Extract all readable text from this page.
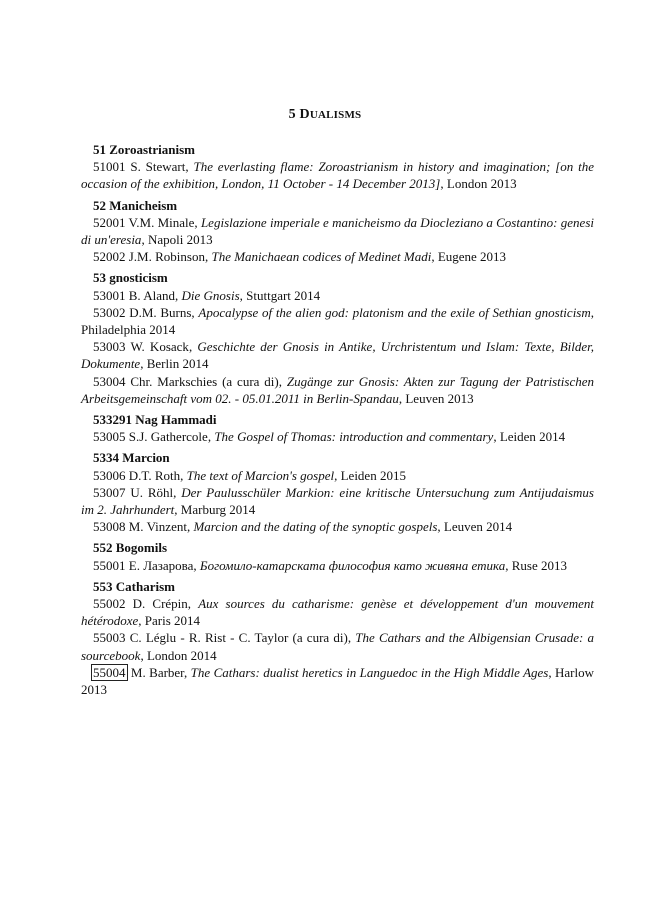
5 DUALISMS
51 Zoroastrianism
51001 S. Stewart, The everlasting flame: Zoroastrianism in history and imagination; [on the occasion of the exhibition, London, 11 October - 14 December 2013], London 2013
52 Manicheism
52001 V.M. Minale, Legislazione imperiale e manicheismo da Diocleziano a Costantino: genesi di un'eresia, Napoli 2013
52002 J.M. Robinson, The Manichaean codices of Medinet Madi, Eugene 2013
53 gnosticism
53001 B. Aland, Die Gnosis, Stuttgart 2014
53002 D.M. Burns, Apocalypse of the alien god: platonism and the exile of Sethian gnosticism, Philadelphia 2014
53003 W. Kosack, Geschichte der Gnosis in Antike, Urchristentum und Islam: Texte, Bilder, Dokumente, Berlin 2014
53004 Chr. Markschies (a cura di), Zugänge zur Gnosis: Akten zur Tagung der Patristischen Arbeitsgemeinschaft vom 02. - 05.01.2011 in Berlin-Spandau, Leuven 2013
533291 Nag Hammadi
53005 S.J. Gathercole, The Gospel of Thomas: introduction and commentary, Leiden 2014
5334 Marcion
53006 D.T. Roth, The text of Marcion's gospel, Leiden 2015
53007 U. Röhl, Der Paulusschüler Markion: eine kritische Untersuchung zum Antijudaismus im 2. Jahrhundert, Marburg 2014
53008 M. Vinzent, Marcion and the dating of the synoptic gospels, Leuven 2014
552 Bogomils
55001 Е. Лазарова, Богомило-катарската философия като живяна етика, Ruse 2013
553 Catharism
55002 D. Crépin, Aux sources du catharisme: genèse et développement d'un mouvement hétérodoxe, Paris 2014
55003 C. Léglu - R. Rist - C. Taylor (a cura di), The Cathars and the Albigensian Crusade: a sourcebook, London 2014
55004 M. Barber, The Cathars: dualist heretics in Languedoc in the High Middle Ages, Harlow 2013
